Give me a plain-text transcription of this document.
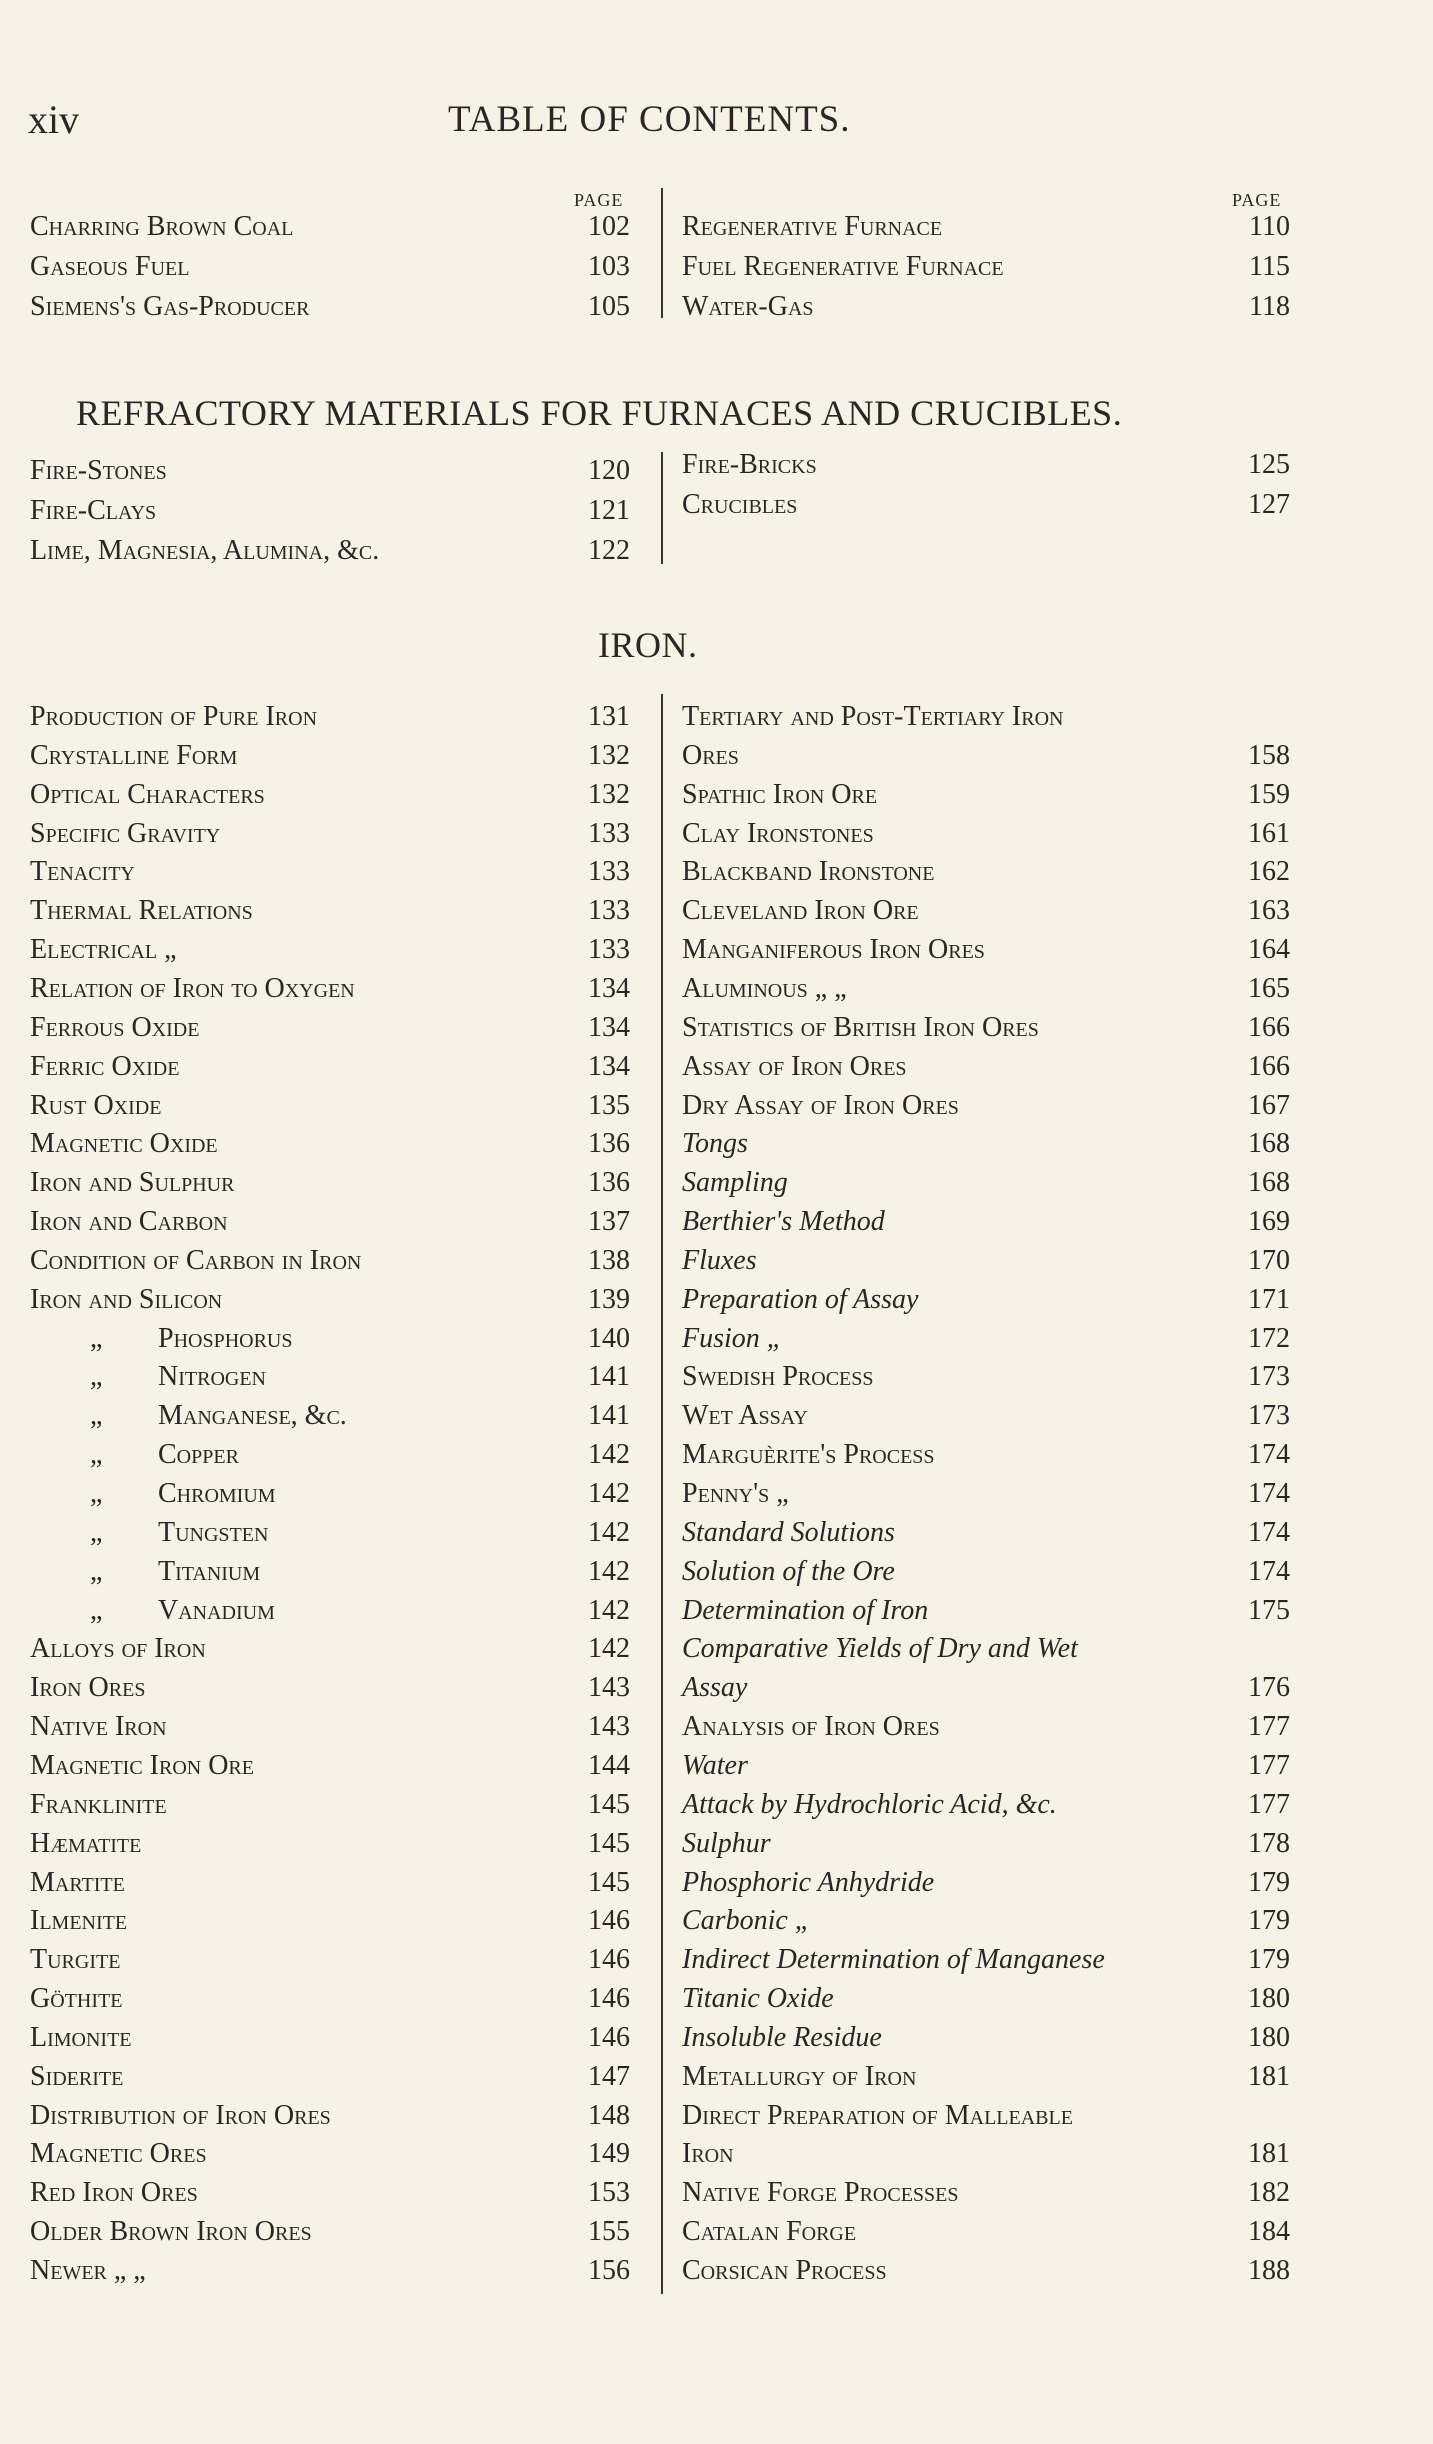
xiv	TABLE OF CONTENTS.
PAGE	PAGE
Charring Brown Coal	102
Gaseous Fuel	103
Siemens's Gas-Producer	105
Regenerative Furnace	110
Fuel Regenerative Furnace	115
Water-Gas	118
REFRACTORY MATERIALS FOR FURNACES AND CRUCIBLES.
Fire-Stones	120
Fire-Clays	121
Lime, Magnesia, Alumina, &c.	122
Fire-Bricks	125
Crucibles	127
IRON.
Production of Pure Iron	131
Crystalline Form	132
Optical Characters	132
Specific Gravity	133
Tenacity	133
Thermal Relations	133
Electrical „	133
Relation of Iron to Oxygen	134
Ferrous Oxide	134
Ferric Oxide	134
Rust Oxide	135
Magnetic Oxide	136
Iron and Sulphur	136
Iron and Carbon	137
Condition of Carbon in Iron	138
Iron and Silicon	139
„ Phosphorus	140
„ Nitrogen	141
„ Manganese, &c.	141
„ Copper	142
„ Chromium	142
„ Tungsten	142
„ Titanium	142
„ Vanadium	142
Alloys of Iron	142
Iron Ores	143
Native Iron	143
Magnetic Iron Ore	144
Franklinite	145
Hæmatite	145
Martite	145
Ilmenite	146
Turgite	146
Göthite	146
Limonite	146
Siderite	147
Distribution of Iron Ores	148
Magnetic Ores	149
Red Iron Ores	153
Older Brown Iron Ores	155
Newer „ „	156
Tertiary and Post-Tertiary Iron
Ores	158
Spathic Iron Ore	159
Clay Ironstones	161
Blackband Ironstone	162
Cleveland Iron Ore	163
Manganiferous Iron Ores	164
Aluminous „ „	165
Statistics of British Iron Ores	166
Assay of Iron Ores	166
Dry Assay of Iron Ores	167
Tongs	168
Sampling	168
Berthier's Method	169
Fluxes	170
Preparation of Assay	171
Fusion „	172
Swedish Process	173
Wet Assay	173
Marguèrite's Process	174
Penny's „	174
Standard Solutions	174
Solution of the Ore	174
Determination of Iron	175
Comparative Yields of Dry and Wet
Assay	176
Analysis of Iron Ores	177
Water	177
Attack by Hydrochloric Acid, &c.	177
Sulphur	178
Phosphoric Anhydride	179
Carbonic „	179
Indirect Determination of Manganese	179
Titanic Oxide	180
Insoluble Residue	180
Metallurgy of Iron	181
Direct Preparation of Malleable
Iron	181
Native Forge Processes	182
Catalan Forge	184
Corsican Process	188
